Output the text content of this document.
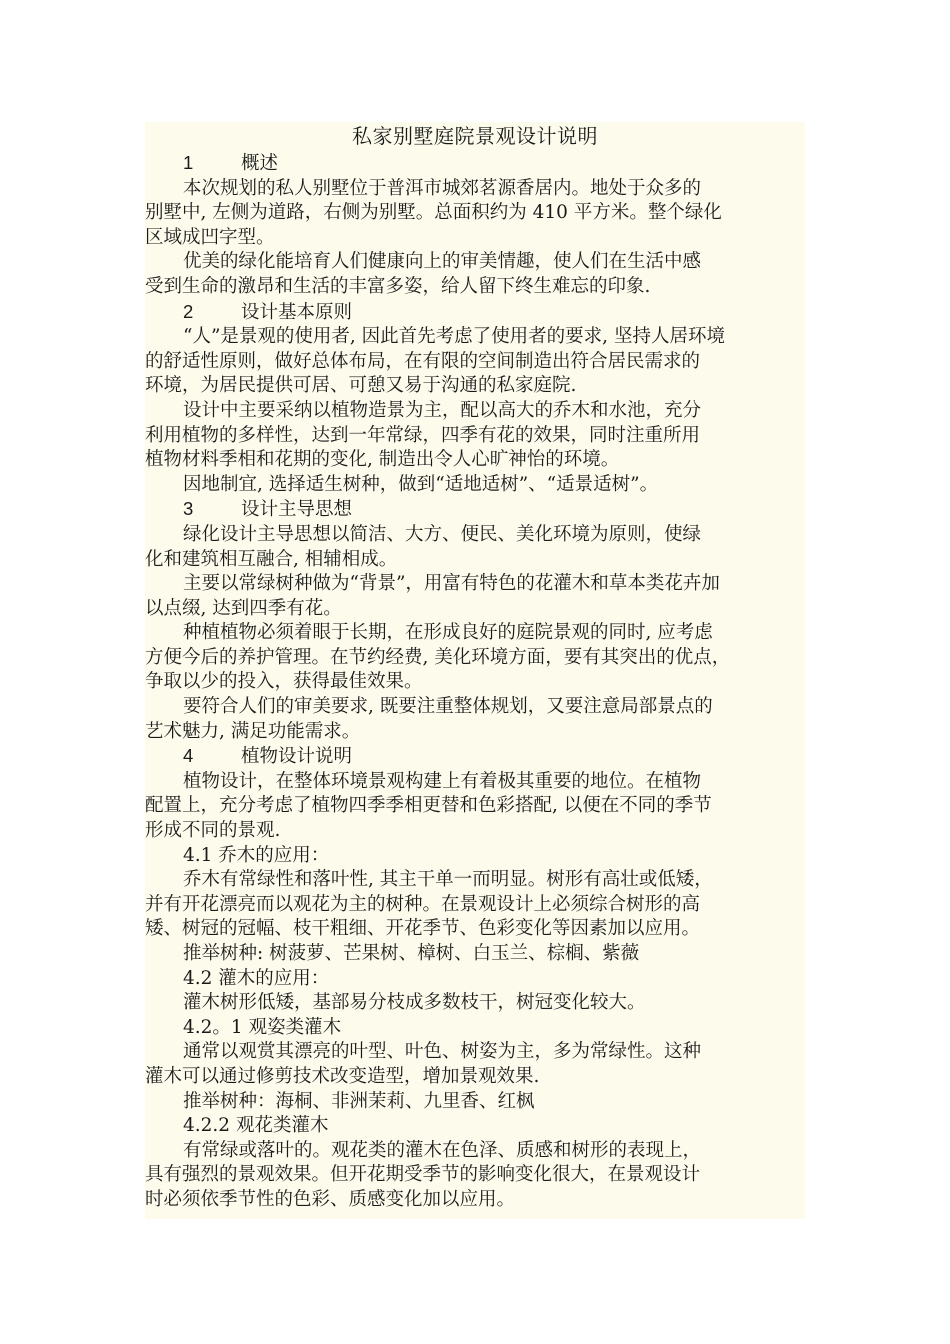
私家别墅庭院景观设计说明

1	概述

本次规划的私人别墅位于普洱市城郊茗源香居内。地处于众多的

别墅中, 左侧为道路，右侧为别墅。总面积约为 410 平方米。整个绿化

区域成凹字型。

优美的绿化能培育人们健康向上的审美情趣，使人们在生活中感

受到生命的激昂和生活的丰富多姿，给人留下终生难忘的印象.

2	设计基本原则

“人”是景观的使用者, 因此首先考虑了使用者的要求, 坚持人居环境

的舒适性原则，做好总体布局，在有限的空间制造出符合居民需求的

环境，为居民提供可居、可憩又易于沟通的私家庭院.

设计中主要采纳以植物造景为主，配以高大的乔木和水池，充分

利用植物的多样性，达到一年常绿，四季有花的效果，同时注重所用

植物材料季相和花期的变化, 制造出令人心旷神怡的环境。

因地制宜, 选择适生树种，做到“适地适树”、“适景适树”。

3	设计主导思想

绿化设计主导思想以简洁、大方、便民、美化环境为原则，使绿

化和建筑相互融合, 相辅相成。

主要以常绿树种做为“背景”，用富有特色的花灌木和草本类花卉加

以点缀, 达到四季有花。

种植植物必须着眼于长期，在形成良好的庭院景观的同时, 应考虑

方便今后的养护管理。在节约经费, 美化环境方面，要有其突出的优点，

争取以少的投入，获得最佳效果。

要符合人们的审美要求, 既要注重整体规划，又要注意局部景点的

艺术魅力, 满足功能需求。

4	植物设计说明

植物设计，在整体环境景观构建上有着极其重要的地位。在植物

配置上，充分考虑了植物四季季相更替和色彩搭配, 以便在不同的季节

形成不同的景观.

4.1 乔木的应用：

乔木有常绿性和落叶性, 其主干单一而明显。树形有高壮或低矮，

并有开花漂亮而以观花为主的树种。在景观设计上必须综合树形的高

矮、树冠的冠幅、枝干粗细、开花季节、色彩变化等因素加以应用。

推举树种: 树菠萝、芒果树、樟树、白玉兰、棕榈、紫薇

4.2 灌木的应用：

灌木树形低矮，基部易分枝成多数枝干，树冠变化较大。

4.2。1 观姿类灌木

通常以观赏其漂亮的叶型、叶色、树姿为主，多为常绿性。这种

灌木可以通过修剪技术改变造型，增加景观效果.

推举树种：海桐、非洲茉莉、九里香、红枫

4.2.2 观花类灌木

有常绿或落叶的。观花类的灌木在色泽、质感和树形的表现上，

具有强烈的景观效果。但开花期受季节的影响变化很大，在景观设计

时必须依季节性的色彩、质感变化加以应用。
